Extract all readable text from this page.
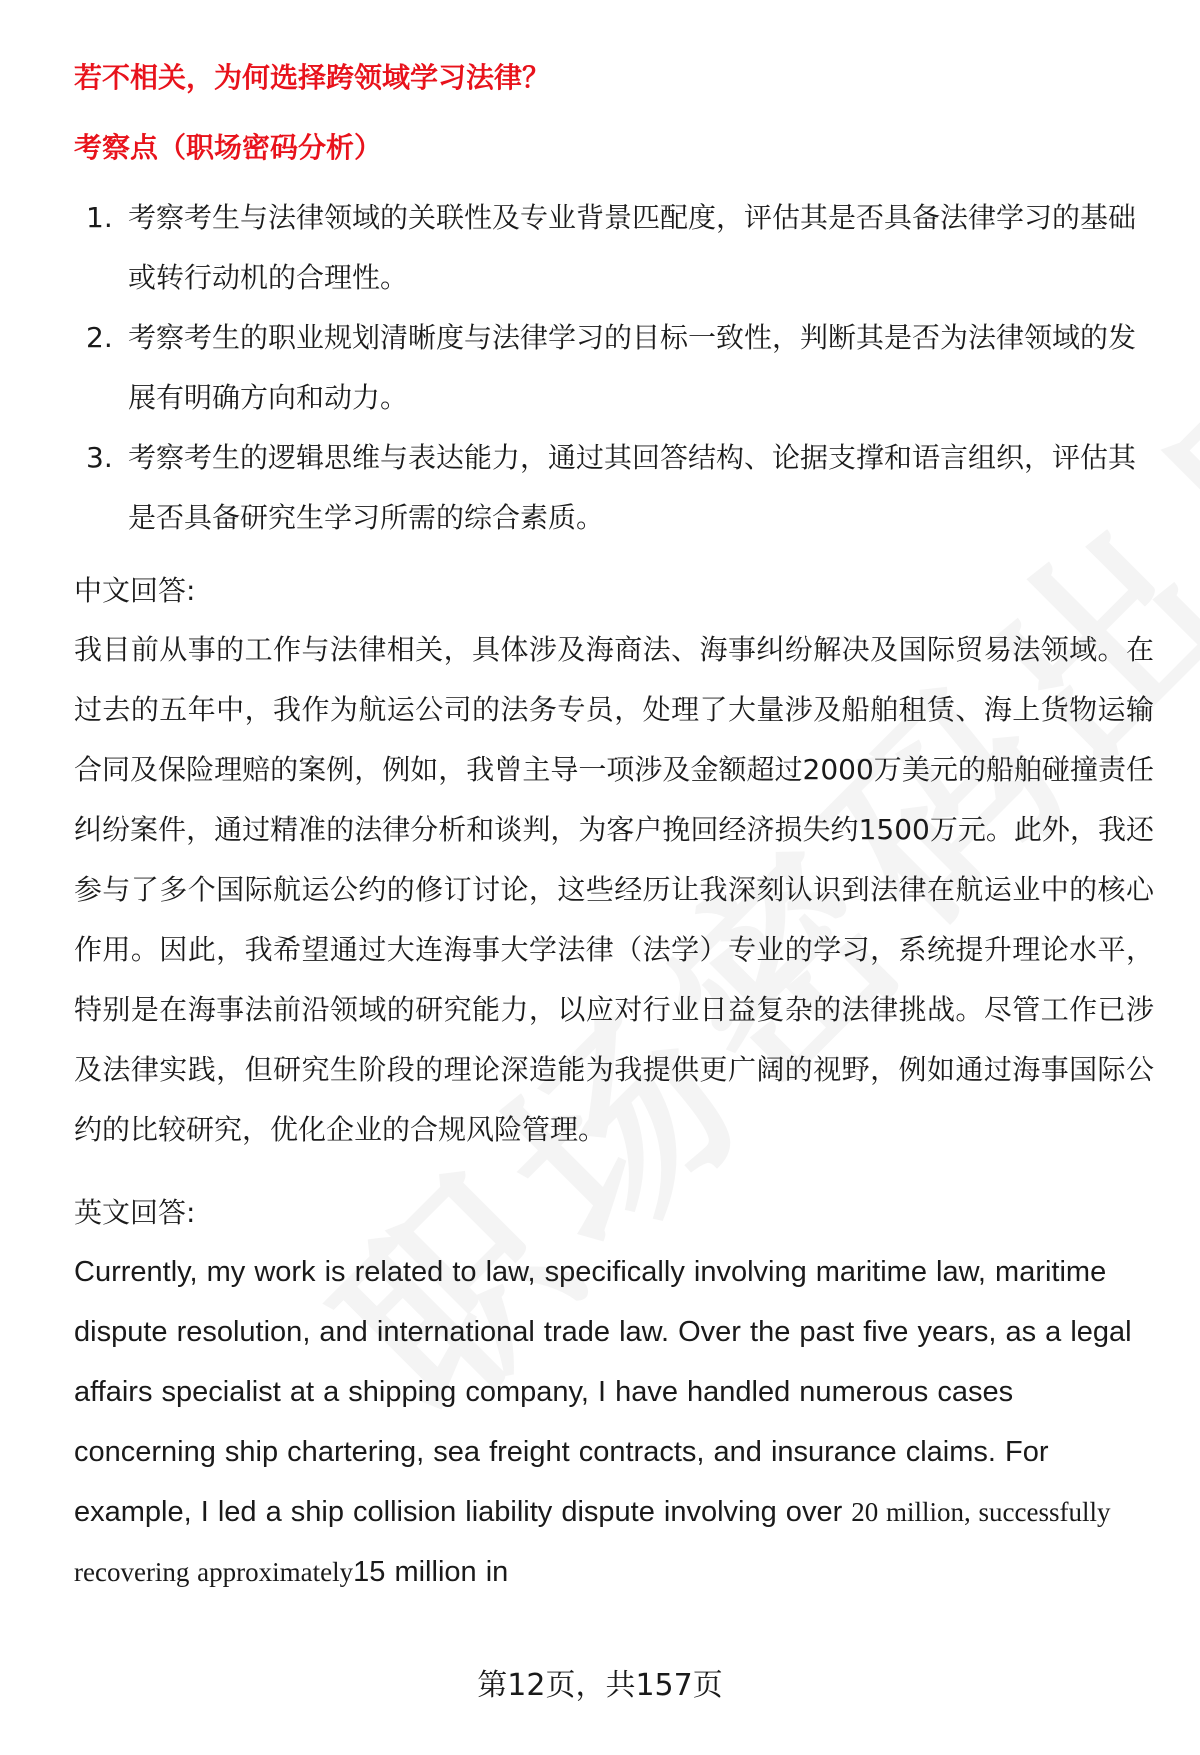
若不相关，为何选择跨领域学习法律？
考察点（职场密码分析）
1. 考察考生与法律领域的关联性及专业背景匹配度，评估其是否具备法律学习的基础或转行动机的合理性。
2. 考察考生的职业规划清晰度与法律学习的目标一致性，判断其是否为法律领域的发展有明确方向和动力。
3. 考察考生的逻辑思维与表达能力，通过其回答结构、论据支撑和语言组织，评估其是否具备研究生学习所需的综合素质。
中文回答:
我目前从事的工作与法律相关，具体涉及海商法、海事纠纷解决及国际贸易法领域。在过去的五年中，我作为航运公司的法务专员，处理了大量涉及船舶租赁、海上货物运输合同及保险理赔的案例，例如，我曾主导一项涉及金额超过2000万美元的船舶碰撞责任纠纷案件，通过精准的法律分析和谈判，为客户挽回经济损失约1500万元。此外，我还参与了多个国际航运公约的修订讨论，这些经历让我深刻认识到法律在航运业中的核心作用。因此，我希望通过大连海事大学法律（法学）专业的学习，系统提升理论水平，特别是在海事法前沿领域的研究能力，以应对行业日益复杂的法律挑战。尽管工作已涉及法律实践，但研究生阶段的理论深造能为我提供更广阔的视野，例如通过海事国际公约的比较研究，优化企业的合规风险管理。
英文回答:
Currently, my work is related to law, specifically involving maritime law, maritime dispute resolution, and international trade law. Over the past five years, as a legal affairs specialist at a shipping company, I have handled numerous cases concerning ship chartering, sea freight contracts, and insurance claims. For example, I led a ship collision liability dispute involving over 20 million, successfully recovering approximately15 million in
第12页，共157页
